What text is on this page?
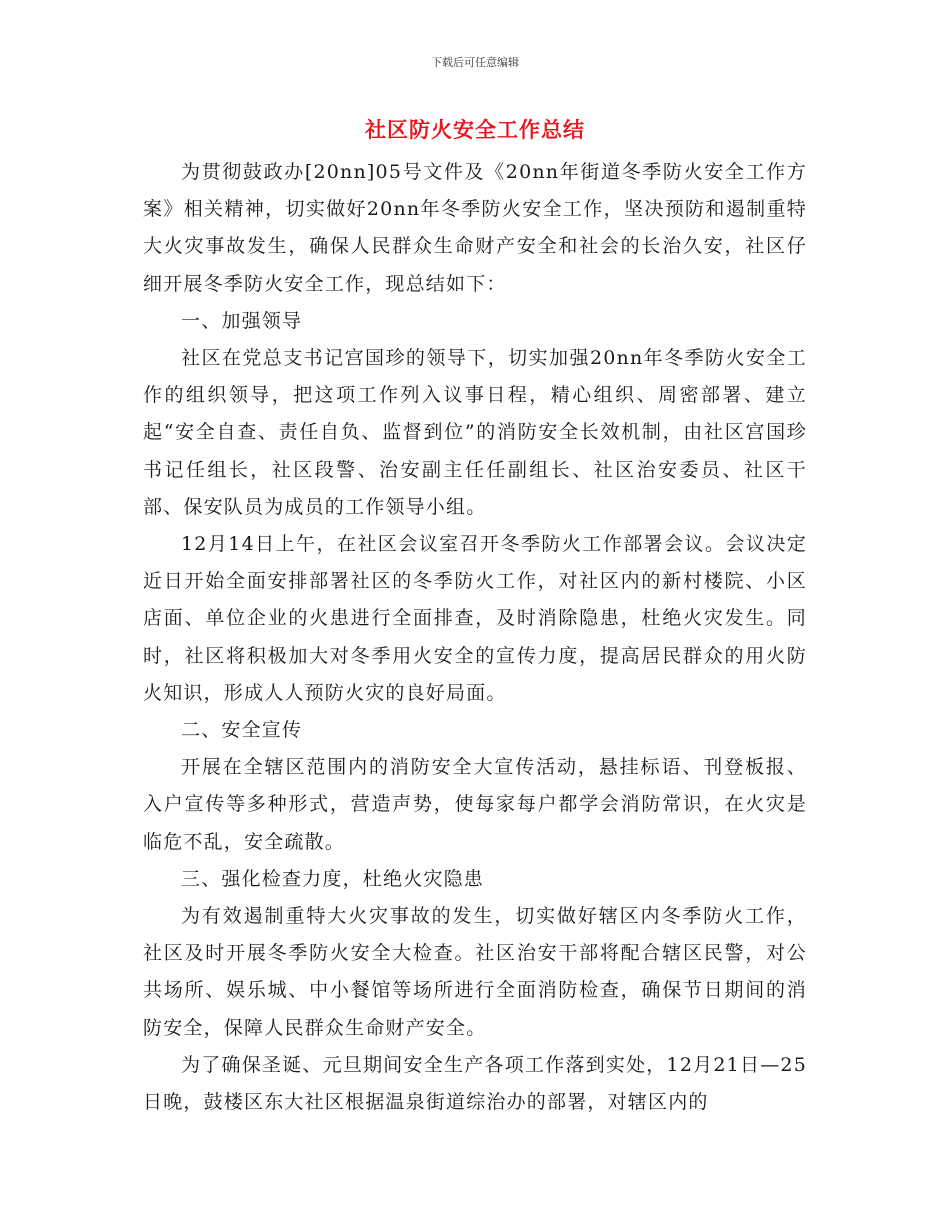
下载后可任意编辑
社区防火安全工作总结

为贯彻鼓政办[20nn]05号文件及《20nn年街道冬季防火安全工作方案》相关精神，切实做好20nn年冬季防火安全工作，坚决预防和遏制重特大火灾事故发生，确保人民群众生命财产安全和社会的长治久安，社区仔细开展冬季防火安全工作，现总结如下：

一、加强领导

社区在党总支书记宫国珍的领导下，切实加强20nn年冬季防火安全工作的组织领导，把这项工作列入议事日程，精心组织、周密部署、建立起“安全自查、责任自负、监督到位”的消防安全长效机制，由社区宫国珍书记任组长，社区段警、治安副主任任副组长、社区治安委员、社区干部、保安队员为成员的工作领导小组。

12月14日上午，在社区会议室召开冬季防火工作部署会议。会议决定近日开始全面安排部署社区的冬季防火工作，对社区内的新村楼院、小区店面、单位企业的火患进行全面排查，及时消除隐患，杜绝火灾发生。同时，社区将积极加大对冬季用火安全的宣传力度，提高居民群众的用火防火知识，形成人人预防火灾的良好局面。

二、安全宣传

开展在全辖区范围内的消防安全大宣传活动，悬挂标语、刊登板报、入户宣传等多种形式，营造声势，使每家每户都学会消防常识，在火灾是临危不乱，安全疏散。

三、强化检查力度，杜绝火灾隐患

为有效遏制重特大火灾事故的发生，切实做好辖区内冬季防火工作，社区及时开展冬季防火安全大检查。社区治安干部将配合辖区民警，对公共场所、娱乐城、中小餐馆等场所进行全面消防检查，确保节日期间的消防安全，保障人民群众生命财产安全。

为了确保圣诞、元旦期间安全生产各项工作落到实处，12月21日—25日晚，鼓楼区东大社区根据温泉街道综治办的部署，对辖区内的
